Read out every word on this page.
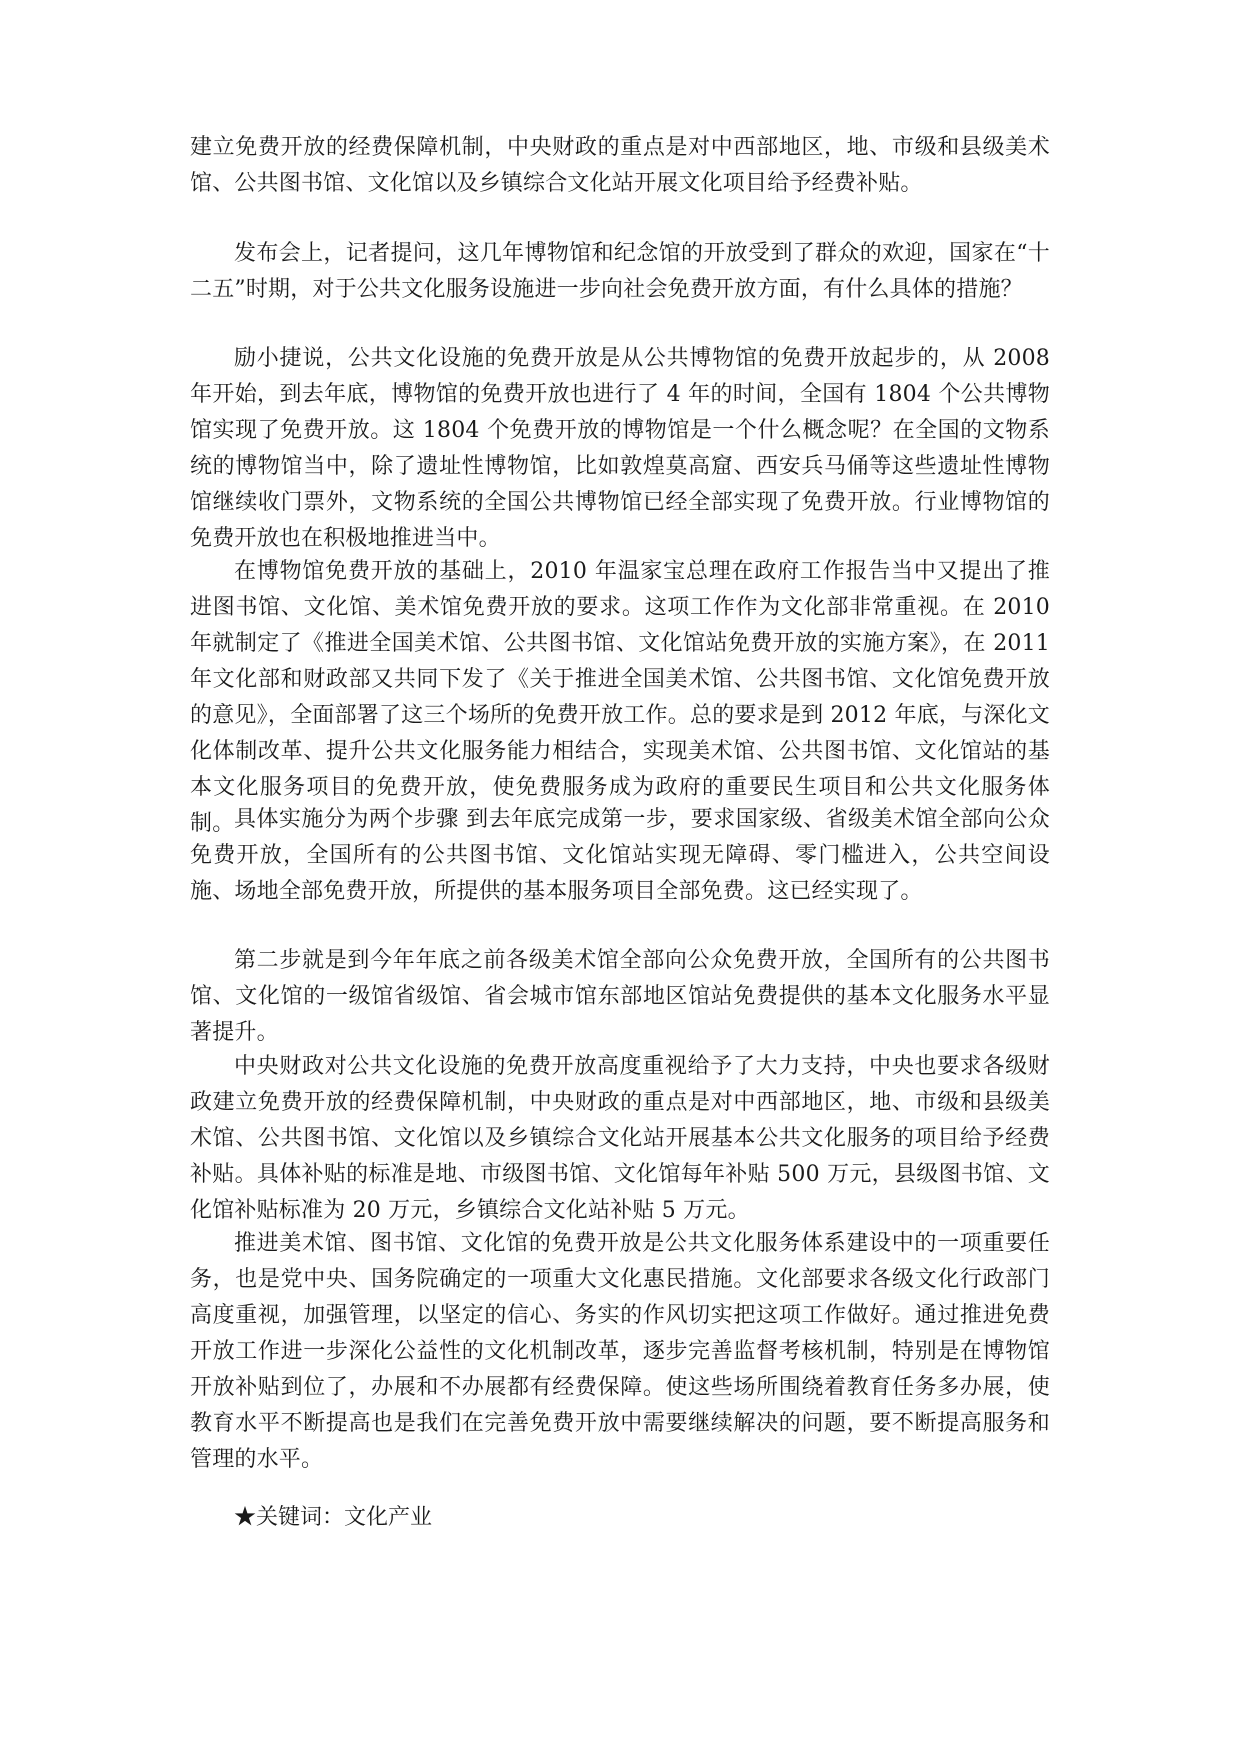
建立免费开放的经费保障机制，中央财政的重点是对中西部地区，地、市级和县级美术馆、公共图书馆、文化馆以及乡镇综合文化站开展文化项目给予经费补贴。

发布会上，记者提问，这几年博物馆和纪念馆的开放受到了群众的欢迎，国家在“十二五”时期，对于公共文化服务设施进一步向社会免费开放方面，有什么具体的措施？

励小捷说，公共文化设施的免费开放是从公共博物馆的免费开放起步的，从 2008 年开始，到去年底，博物馆的免费开放也进行了 4 年的时间，全国有 1804 个公共博物馆实现了免费开放。这 1804 个免费开放的博物馆是一个什么概念呢？在全国的文物系统的博物馆当中，除了遗址性博物馆，比如敦煌莫高窟、西安兵马俑等这些遗址性博物馆继续收门票外，文物系统的全国公共博物馆已经全部实现了免费开放。行业博物馆的免费开放也在积极地推进当中。

在博物馆免费开放的基础上，2010 年温家宝总理在政府工作报告当中又提出了推进图书馆、文化馆、美术馆免费开放的要求。这项工作作为文化部非常重视。在 2010 年就制定了《推进全国美术馆、公共图书馆、文化馆站免费开放的实施方案》，在 2011 年文化部和财政部又共同下发了《关于推进全国美术馆、公共图书馆、文化馆免费开放的意见》，全面部署了这三个场所的免费开放工作。总的要求是到 2012 年底，与深化文化体制改革、提升公共文化服务能力相结合，实现美术馆、公共图书馆、文化馆站的基本文化服务项目的免费开放，使免费服务成为政府的重要民生项目和公共文化服务体制。 具体实施分为两个步骤 到去年底完成第一步，要求国家级、省级美术馆全部向公众免费开放，全国所有的公共图书馆、文化馆站实现无障碍、零门槛进入，公共空间设施、场地全部免费开放，所提供的基本服务项目全部免费。这已经实现了。

第二步就是到今年年底之前各级美术馆全部向公众免费开放，全国所有的公共图书馆、文化馆的一级馆省级馆、省会城市馆东部地区馆站免费提供的基本文化服务水平显著提升。

中央财政对公共文化设施的免费开放高度重视给予了大力支持，中央也要求各级财政建立免费开放的经费保障机制，中央财政的重点是对中西部地区，地、市级和县级美术馆、公共图书馆、文化馆以及乡镇综合文化站开展基本公共文化服务的项目给予经费补贴。具体补贴的标准是地、市级图书馆、文化馆每年补贴 500 万元，县级图书馆、文化馆补贴标准为 20 万元，乡镇综合文化站补贴 5 万元。

推进美术馆、图书馆、文化馆的免费开放是公共文化服务体系建设中的一项重要任务，也是党中央、国务院确定的一项重大文化惠民措施。文化部要求各级文化行政部门高度重视，加强管理，以坚定的信心、务实的作风切实把这项工作做好。通过推进免费开放工作进一步深化公益性的文化机制改革，逐步完善监督考核机制，特别是在博物馆开放补贴到位了，办展和不办展都有经费保障。使这些场所围绕着教育任务多办展，使教育水平不断提高也是我们在完善免费开放中需要继续解决的问题，要不断提高服务和管理的水平。

★关键词：文化产业
